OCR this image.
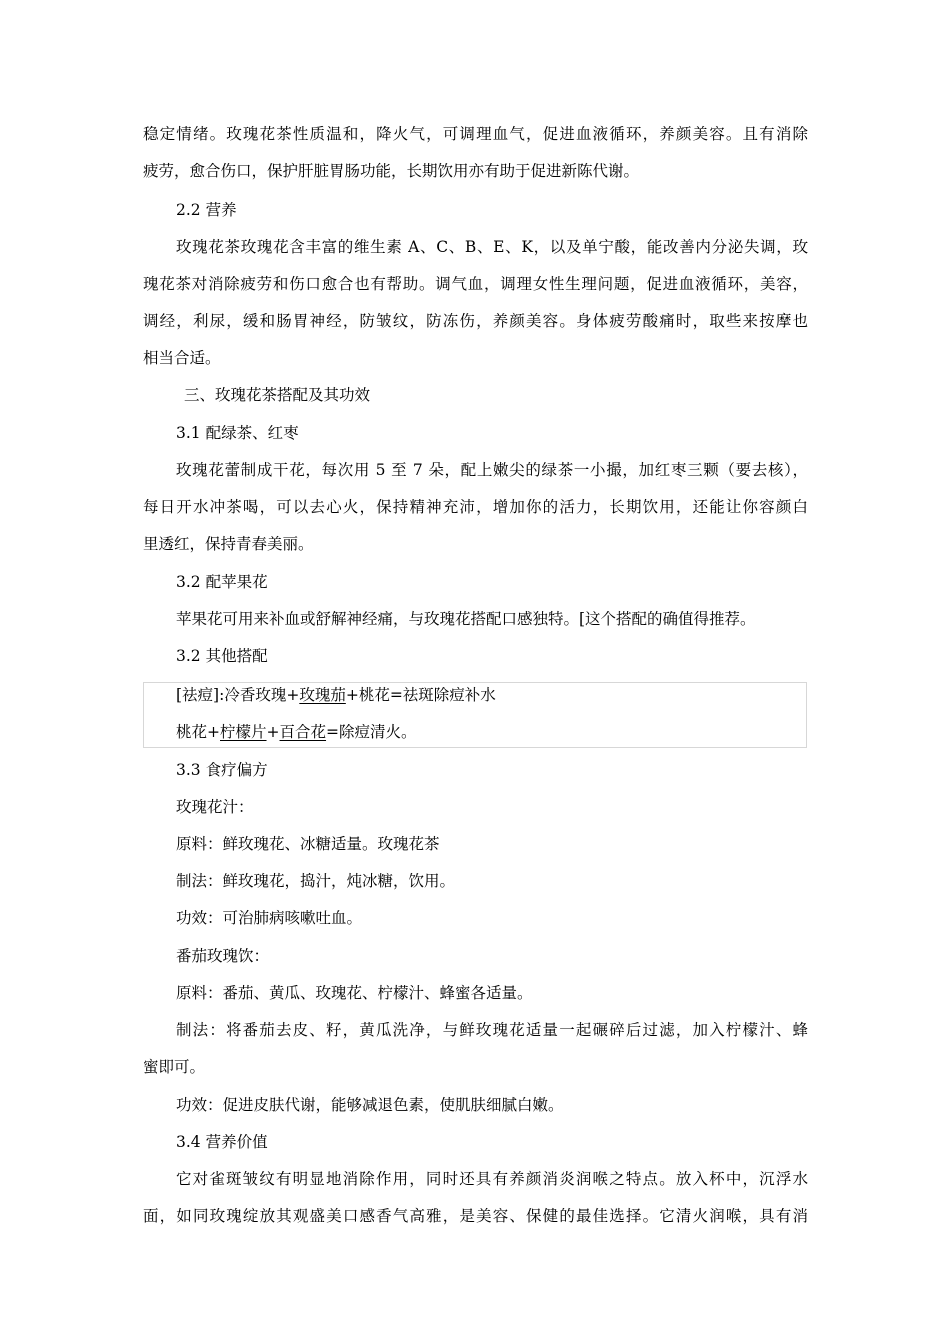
稳定情绪。玫瑰花茶性质温和，降火气，可调理血气，促进血液循环，养颜美容。且有消除
疲劳，愈合伤口，保护肝脏胃肠功能，长期饮用亦有助于促进新陈代谢。
2.2 营养
玫瑰花茶玫瑰花含丰富的维生素 A、C、B、E、K，以及单宁酸，能改善内分泌失调，玫
瑰花茶对消除疲劳和伤口愈合也有帮助。调气血，调理女性生理问题，促进血液循环，美容，
调经，利尿，缓和肠胃神经，防皱纹，防冻伤，养颜美容。身体疲劳酸痛时，取些来按摩也
相当合适。
三、玫瑰花茶搭配及其功效
3.1 配绿茶、红枣
玫瑰花蕾制成干花，每次用 5 至 7 朵，配上嫩尖的绿茶一小撮，加红枣三颗（要去核），
每日开水冲茶喝，可以去心火，保持精神充沛，增加你的活力，长期饮用，还能让你容颜白
里透红，保持青春美丽。
3.2 配苹果花
苹果花可用来补血或舒解神经痛，与玫瑰花搭配口感独特。[这个搭配的确值得推荐。
3.2 其他搭配
[祛痘]:冷香玫瑰+玫瑰茄+桃花=祛斑除痘补水
桃花+柠檬片+百合花=除痘清火。
3.3 食疗偏方
玫瑰花汁：
原料：鲜玫瑰花、冰糖适量。玫瑰花茶
制法：鲜玫瑰花，捣汁，炖冰糖，饮用。
功效：可治肺病咳嗽吐血。
番茄玫瑰饮：
原料：番茄、黄瓜、玫瑰花、柠檬汁、蜂蜜各适量。
制法：将番茄去皮、籽，黄瓜洗净，与鲜玫瑰花适量一起碾碎后过滤，加入柠檬汁、蜂
蜜即可。
功效：促进皮肤代谢，能够减退色素，使肌肤细腻白嫩。
3.4 营养价值
它对雀斑皱纹有明显地消除作用，同时还具有养颜消炎润喉之特点。放入杯中，沉浮水
面，如同玫瑰绽放其观盛美口感香气高雅，是美容、保健的最佳选择。它清火润喉，具有消
